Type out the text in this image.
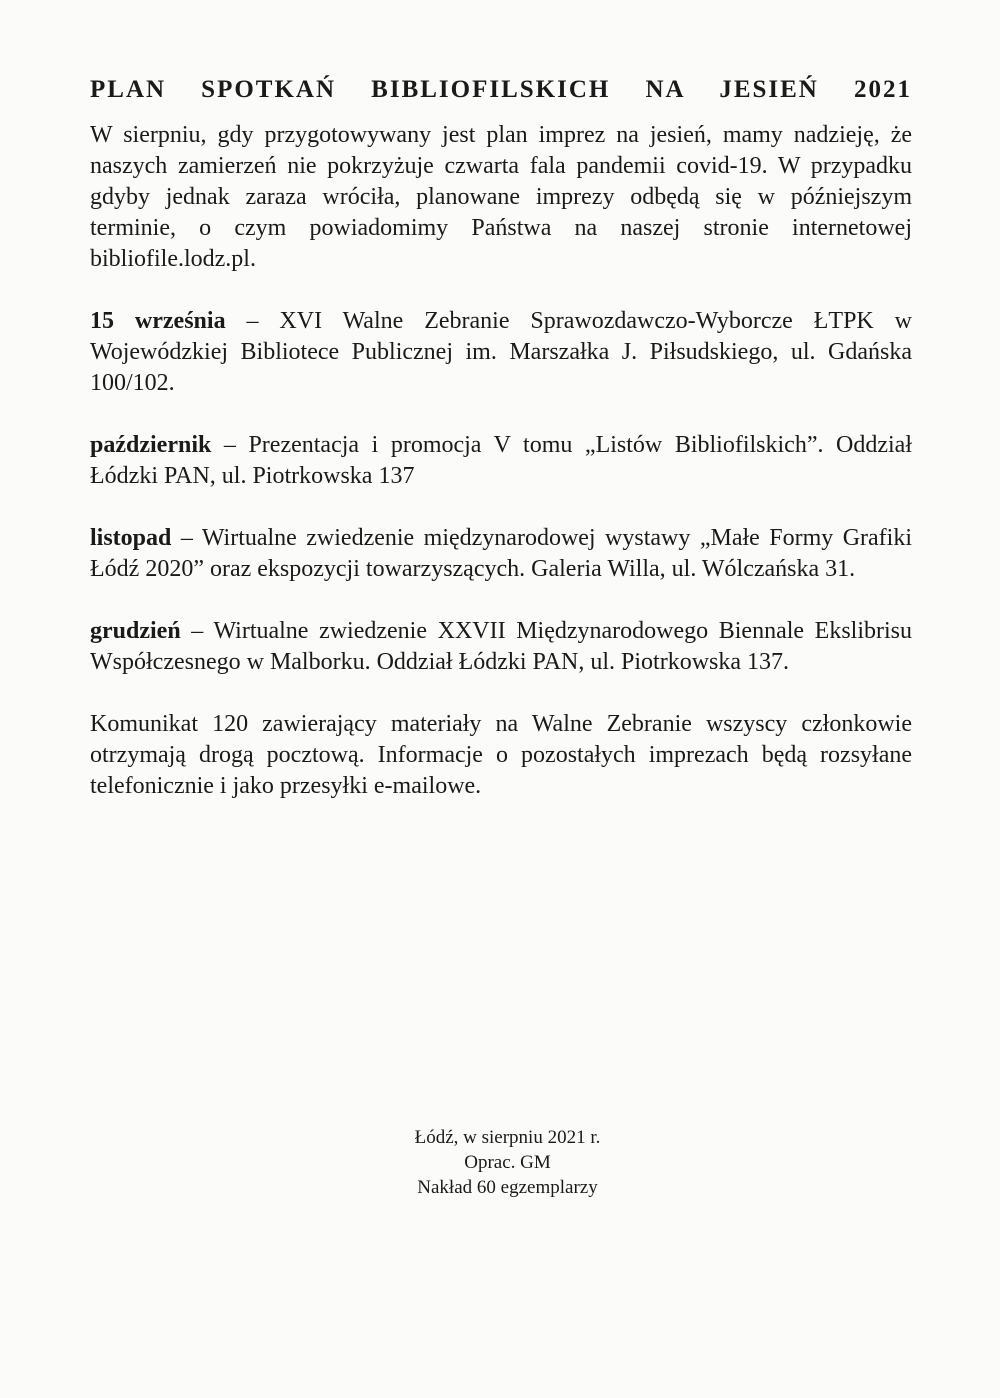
PLAN SPOTKAŃ BIBLIOFILSKICH NA JESIEŃ 2021

W sierpniu, gdy przygotowywany jest plan imprez na jesień, mamy nadzieję, że naszych zamierzeń nie pokrzyżuje czwarta fala pandemii covid-19. W przypadku gdyby jednak zaraza wróciła, planowane imprezy odbędą się w późniejszym terminie, o czym powiadomimy Państwa na naszej stronie internetowej bibliofile.lodz.pl.

15 września – XVI Walne Zebranie Sprawozdawczo-Wyborcze ŁTPK w Wojewódzkiej Bibliotece Publicznej im. Marszałka J. Piłsudskiego, ul. Gdańska 100/102.

październik – Prezentacja i promocja V tomu „Listów Bibliofilskich”. Oddział Łódzki PAN, ul. Piotrkowska 137

listopad – Wirtualne zwiedzenie międzynarodowej wystawy „Małe Formy Grafiki Łódź 2020” oraz ekspozycji towarzyszących. Galeria Willa, ul. Wólczańska 31.

grudzień – Wirtualne zwiedzenie XXVII Międzynarodowego Biennale Ekslibrisu Współczesnego w Malborku. Oddział Łódzki PAN, ul. Piotrkowska 137.

Komunikat 120 zawierający materiały na Walne Zebranie wszyscy członkowie otrzymają drogą pocztową. Informacje o pozostałych imprezach będą rozsyłane telefonicznie i jako przesyłki e-mailowe.

Łódź, w sierpniu 2021 r.
Oprac. GM
Nakład 60 egzemplarzy
